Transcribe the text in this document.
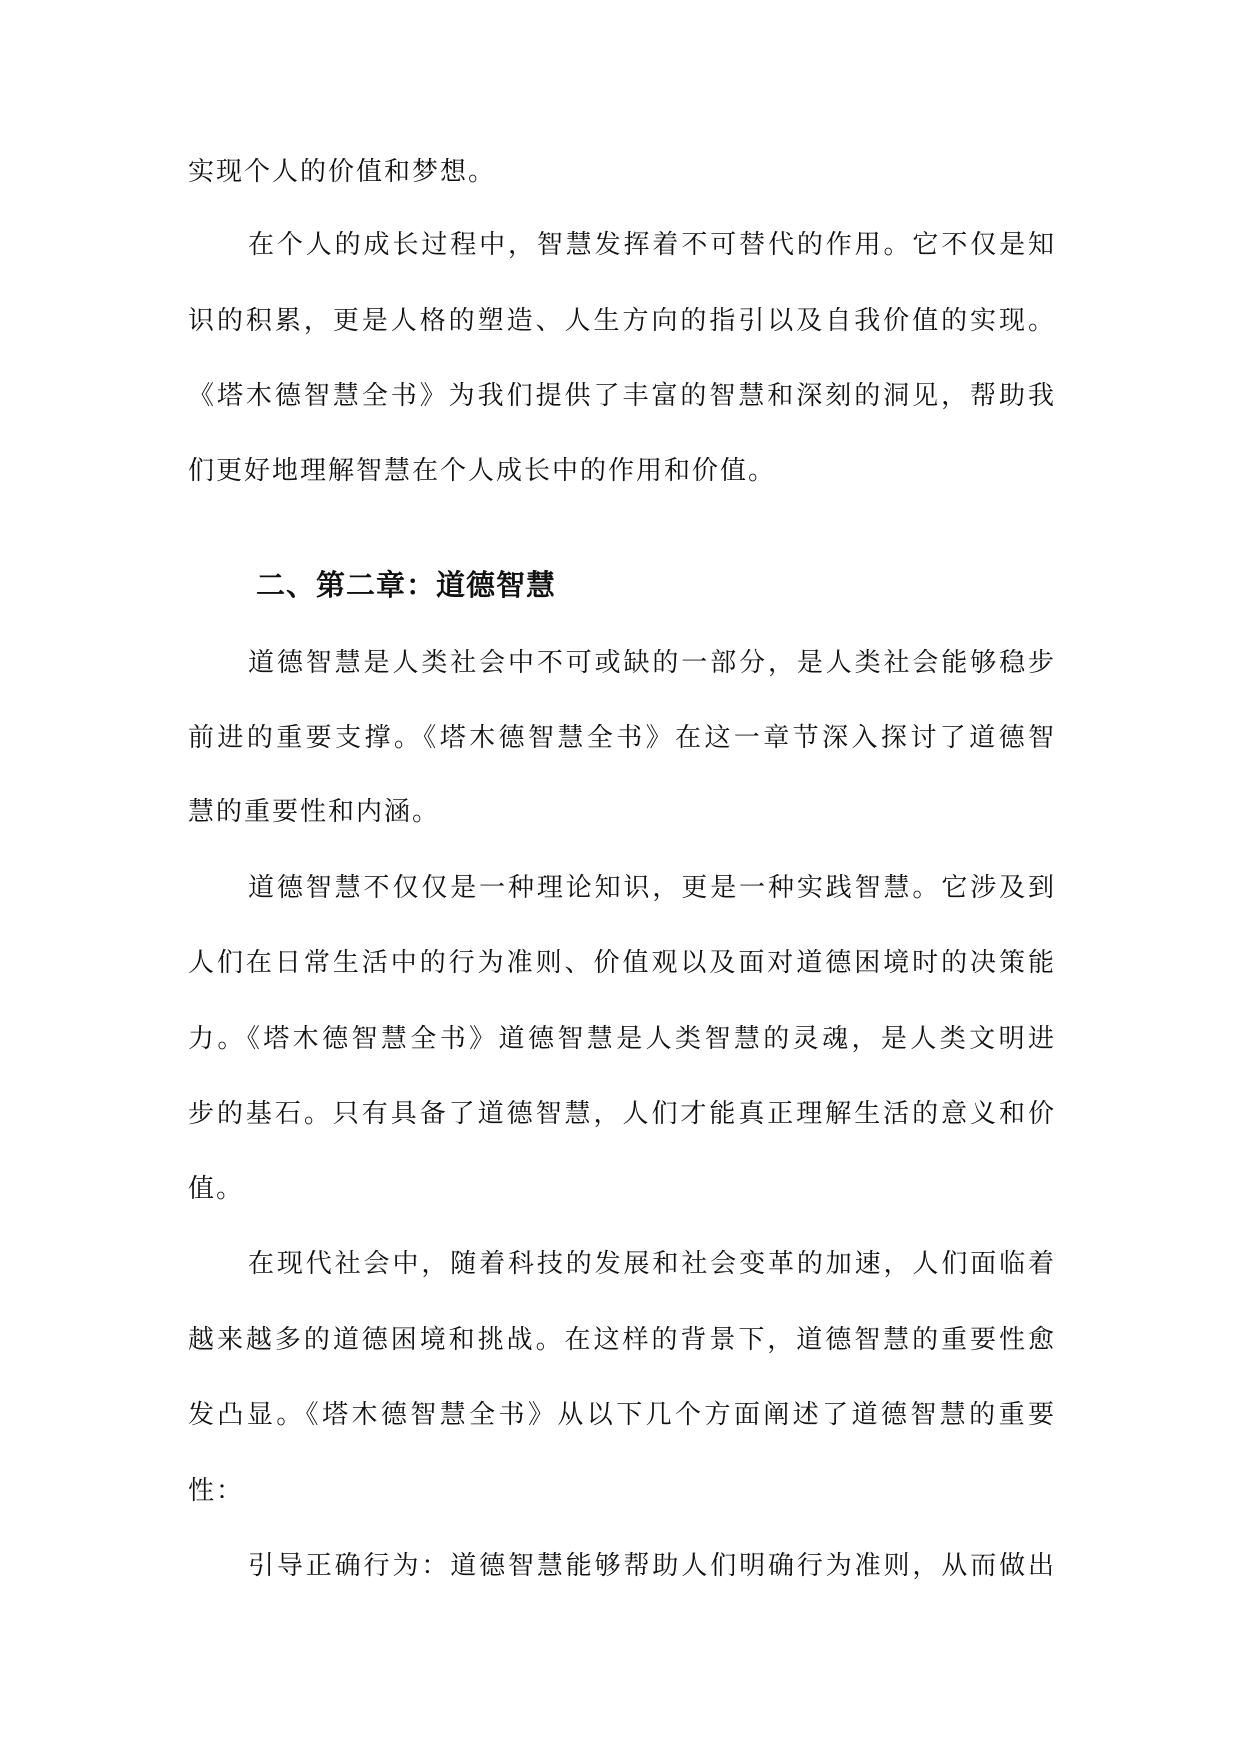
实现个人的价值和梦想。

在个人的成长过程中，智慧发挥着不可替代的作用。它不仅是知

识的积累，更是人格的塑造、人生方向的指引以及自我价值的实现。

《塔木德智慧全书》为我们提供了丰富的智慧和深刻的洞见，帮助我

们更好地理解智慧在个人成长中的作用和价值。

二、第二章：道德智慧

道德智慧是人类社会中不可或缺的一部分，是人类社会能够稳步

前进的重要支撑。《塔木德智慧全书》在这一章节深入探讨了道德智

慧的重要性和内涵。

道德智慧不仅仅是一种理论知识，更是一种实践智慧。它涉及到

人们在日常生活中的行为准则、价值观以及面对道德困境时的决策能

力。《塔木德智慧全书》道德智慧是人类智慧的灵魂，是人类文明进

步的基石。只有具备了道德智慧，人们才能真正理解生活的意义和价

值。

在现代社会中，随着科技的发展和社会变革的加速，人们面临着

越来越多的道德困境和挑战。在这样的背景下，道德智慧的重要性愈

发凸显。《塔木德智慧全书》从以下几个方面阐述了道德智慧的重要

性：

引导正确行为：道德智慧能够帮助人们明确行为准则，从而做出
